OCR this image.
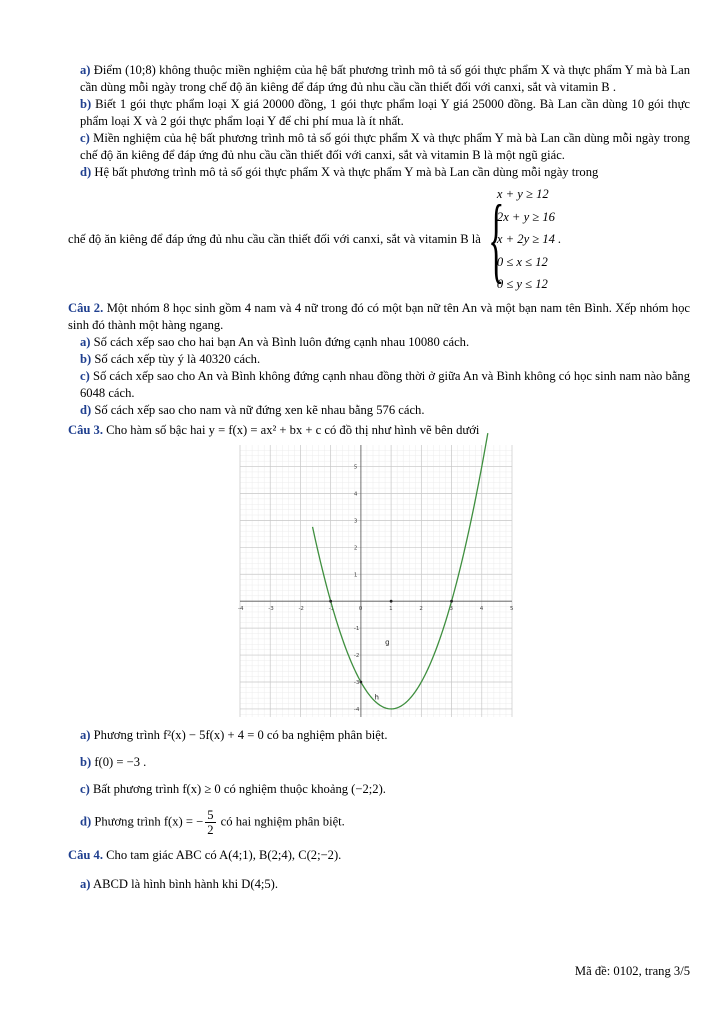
a) Điểm (10;8) không thuộc miền nghiệm của hệ bất phương trình mô tả số gói thực phẩm X và thực phẩm Y mà bà Lan cần dùng mỗi ngày trong chế độ ăn kiêng để đáp ứng đủ nhu cầu cần thiết đối với canxi, sắt và vitamin B .

b) Biết 1 gói thực phẩm loại X giá 20000 đồng, 1 gói thực phẩm loại Y giá 25000 đồng. Bà Lan cần dùng 10 gói thực phẩm loại X và 2 gói thực phẩm loại Y để chi phí mua là ít nhất.

c) Miền nghiệm của hệ bất phương trình mô tả số gói thực phẩm X và thực phẩm Y mà bà Lan cần dùng mỗi ngày trong chế độ ăn kiêng để đáp ứng đủ nhu cầu cần thiết đối với canxi, sắt và vitamin B là một ngũ giác.

d) Hệ bất phương trình mô tả số gói thực phẩm X và thực phẩm Y mà bà Lan cần dùng mỗi ngày trong

chế độ ăn kiêng để đáp ứng đủ nhu cầu cần thiết đối với canxi, sắt và vitamin B là {
x + y ≥ 12
2x + y ≥ 16
x + 2y ≥ 14 .
0 ≤ x ≤ 12
0 ≤ y ≤ 12

Câu 2. Một nhóm 8 học sinh gồm 4 nam và 4 nữ trong đó có một bạn nữ tên An và một bạn nam tên Bình. Xếp nhóm học sinh đó thành một hàng ngang.

a) Số cách xếp sao cho hai bạn An và Bình luôn đứng cạnh nhau 10080 cách.

b) Số cách xếp tùy ý là 40320 cách.

c) Số cách xếp sao cho An và Bình không đứng cạnh nhau đồng thời ở giữa An và Bình không có học sinh nam nào bằng 6048 cách.

d) Số cách xếp sao cho nam và nữ đứng xen kẽ nhau bằng 576 cách.

Câu 3. Cho hàm số bậc hai y = f(x) = ax² + bx + c có đồ thị như hình vẽ bên dưới

-4	-3	-2	-1	0	1	2	3	4	5
-4
-3
-2
-1
1
2
3
4
5
g
h

a) Phương trình f²(x) − 5f(x) + 4 = 0 có ba nghiệm phân biệt.

b) f(0) = −3 .

c) Bất phương trình f(x) ≥ 0 có nghiệm thuộc khoảng (−2;2).

d) Phương trình f(x) = − $\frac{5}{2}$ có hai nghiệm phân biệt.

Câu 4. Cho tam giác ABC có A(4;1), B(2;4), C(2;−2).

a) ABCD là hình bình hành khi D(4;5).

Mã đề: 0102, trang 3/5
